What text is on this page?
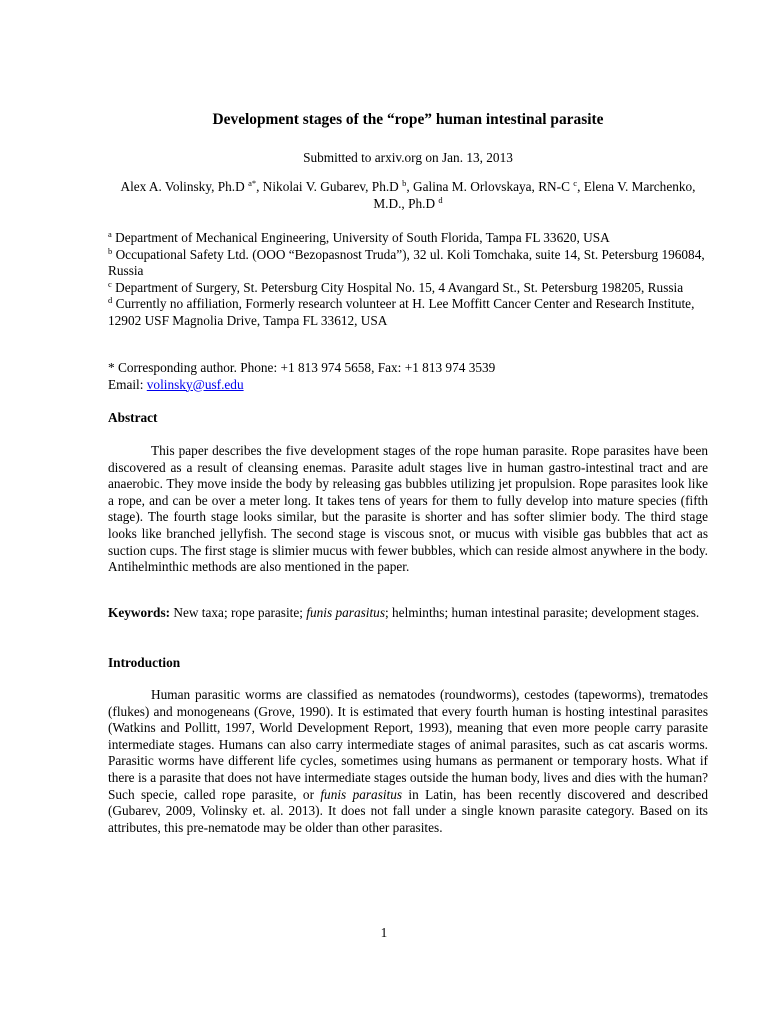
Development stages of the “rope” human intestinal parasite
Submitted to arxiv.org on Jan. 13, 2013
Alex A. Volinsky, Ph.D $^{a*}$, Nikolai V. Gubarev, Ph.D $^b$, Galina M. Orlovskaya, RN-C $^c$, Elena V. Marchenko, M.D., Ph.D $^d$

$^a$ Department of Mechanical Engineering, University of South Florida, Tampa FL 33620, USA

$^b$ Occupational Safety Ltd. (OOO “Bezopasnost Truda”), 32 ul. Koli Tomchaka, suite 14, St. Petersburg 196084, Russia

$^c$ Department of Surgery, St. Petersburg City Hospital No. 15, 4 Avangard St., St. Petersburg 198205, Russia

$^d$ Currently no affiliation, Formerly research volunteer at H. Lee Moffitt Cancer Center and Research Institute, 12902 USF Magnolia Drive, Tampa FL 33612, USA

* Corresponding author. Phone: +1 813 974 5658, Fax: +1 813 974 3539

Email: volinsky@usf.edu

Abstract
This paper describes the five development stages of the rope human parasite. Rope parasites have been discovered as a result of cleansing enemas. Parasite adult stages live in human gastro-intestinal tract and are anaerobic. They move inside the body by releasing gas bubbles utilizing jet propulsion. Rope parasites look like a rope, and can be over a meter long. It takes tens of years for them to fully develop into mature species (fifth stage). The fourth stage looks similar, but the parasite is shorter and has softer slimier body. The third stage looks like branched jellyfish. The second stage is viscous snot, or mucus with visible gas bubbles that act as suction cups. The first stage is slimier mucus with fewer bubbles, which can reside almost anywhere in the body. Antihelminthic methods are also mentioned in the paper.
Keywords: New taxa; rope parasite; funis parasitus; helminths; human intestinal parasite; development stages.
Introduction
Human parasitic worms are classified as nematodes (roundworms), cestodes (tapeworms), trematodes (flukes) and monogeneans (Grove, 1990). It is estimated that every fourth human is hosting intestinal parasites (Watkins and Pollitt, 1997, World Development Report, 1993), meaning that even more people carry parasite intermediate stages. Humans can also carry intermediate stages of animal parasites, such as cat ascaris worms. Parasitic worms have different life cycles, sometimes using humans as permanent or temporary hosts. What if there is a parasite that does not have intermediate stages outside the human body, lives and dies with the human? Such specie, called rope parasite, or funis parasitus in Latin, has been recently discovered and described (Gubarev, 2009, Volinsky et. al. 2013). It does not fall under a single known parasite category. Based on its attributes, this pre-nematode may be older than other parasites.
1
